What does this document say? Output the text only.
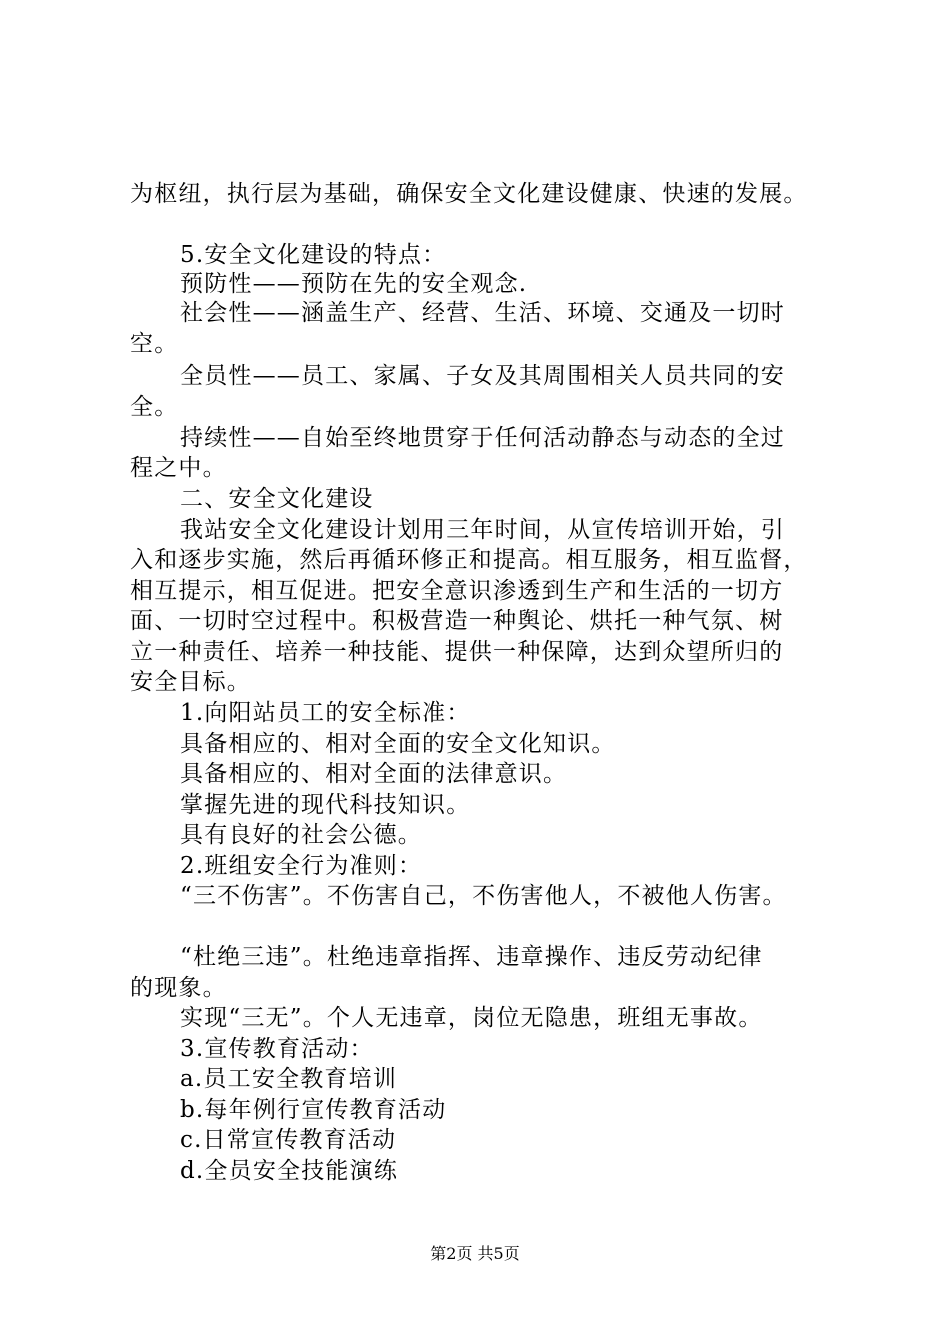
为枢纽，执行层为基础，确保安全文化建设健康、快速的发展。
5.安全文化建设的特点：
预防性——预防在先的安全观念.
社会性——涵盖生产、经营、生活、环境、交通及一切时
空。
全员性——员工、家属、子女及其周围相关人员共同的安
全。
持续性——自始至终地贯穿于任何活动静态与动态的全过
程之中。
二、安全文化建设
我站安全文化建设计划用三年时间，从宣传培训开始，引
入和逐步实施，然后再循环修正和提高。相互服务，相互监督，
相互提示，相互促进。把安全意识渗透到生产和生活的一切方
面、一切时空过程中。积极营造一种舆论、烘托一种气氛、树
立一种责任、培养一种技能、提供一种保障，达到众望所归的
安全目标。
1.向阳站员工的安全标准：
具备相应的、相对全面的安全文化知识。
具备相应的、相对全面的法律意识。
掌握先进的现代科技知识。
具有良好的社会公德。
2.班组安全行为准则：
“三不伤害”。不伤害自己，不伤害他人，不被他人伤害。
“杜绝三违”。杜绝违章指挥、违章操作、违反劳动纪律
的现象。
实现“三无”。个人无违章，岗位无隐患，班组无事故。
3.宣传教育活动：
a.员工安全教育培训
b.每年例行宣传教育活动
c.日常宣传教育活动
d.全员安全技能演练
第2页 共5页
